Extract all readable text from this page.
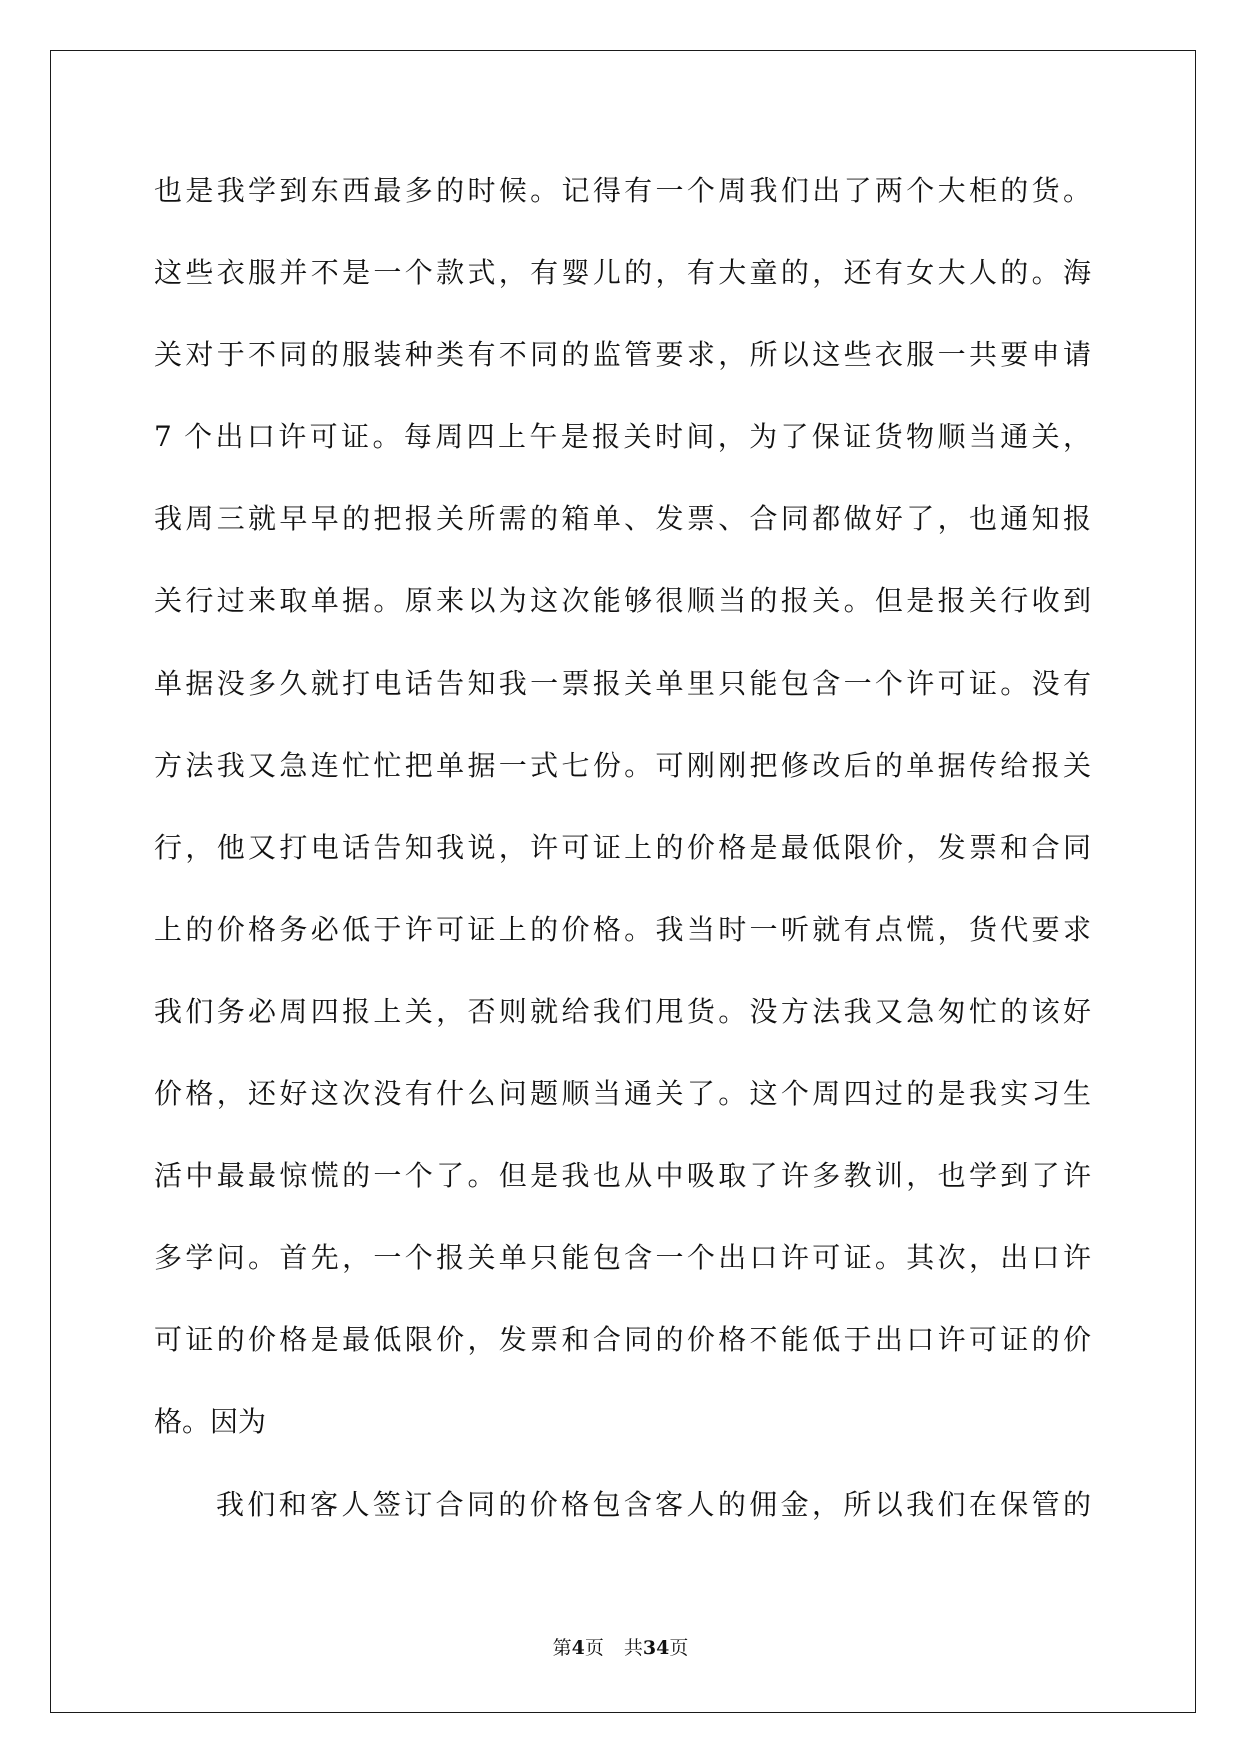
也是我学到东西最多的时候。记得有一个周我们出了两个大柜的货。
这些衣服并不是一个款式，有婴儿的，有大童的，还有女大人的。海
关对于不同的服装种类有不同的监管要求，所以这些衣服一共要申请
7 个出口许可证。每周四上午是报关时间，为了保证货物顺当通关，
我周三就早早的把报关所需的箱单、发票、合同都做好了，也通知报
关行过来取单据。原来以为这次能够很顺当的报关。但是报关行收到
单据没多久就打电话告知我一票报关单里只能包含一个许可证。没有
方法我又急连忙忙把单据一式七份。可刚刚把修改后的单据传给报关
行，他又打电话告知我说，许可证上的价格是最低限价，发票和合同
上的价格务必低于许可证上的价格。我当时一听就有点慌，货代要求
我们务必周四报上关，否则就给我们甩货。没方法我又急匆忙的该好
价格，还好这次没有什么问题顺当通关了。这个周四过的是我实习生
活中最最惊慌的一个了。但是我也从中吸取了许多教训，也学到了许
多学问。首先，一个报关单只能包含一个出口许可证。其次，出口许
可证的价格是最低限价，发票和合同的价格不能低于出口许可证的价
格。因为
我们和客人签订合同的价格包含客人的佣金，所以我们在保管的
第4页 共34页
